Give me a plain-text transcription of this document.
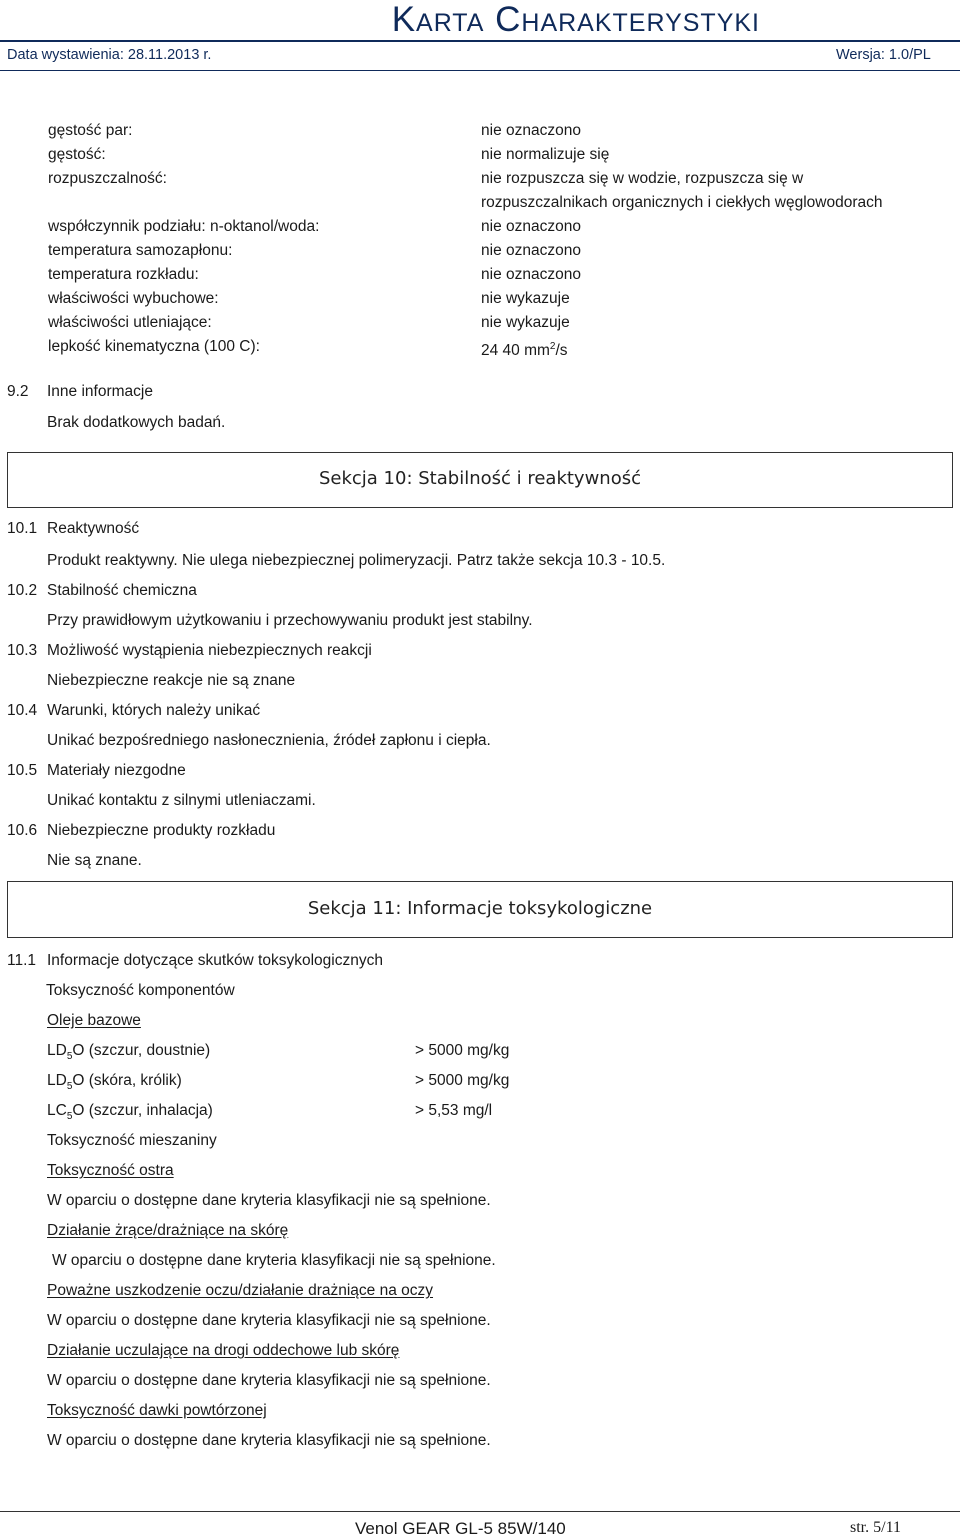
Karta Charakterystyki
Data wystawienia: 28.11.2013 r.	Wersja: 1.0/PL
gęstość par:	nie oznaczono
gęstość:	nie normalizuje się
rozpuszczalność:	nie rozpuszcza się w wodzie, rozpuszcza się w
rozpuszczalnikach organicznych i ciekłych węglowodorach
współczynnik podziału: n-oktanol/woda:	nie oznaczono
temperatura samozapłonu:	nie oznaczono
temperatura rozkładu:	nie oznaczono
właściwości wybuchowe:	nie wykazuje
właściwości utleniające:	nie wykazuje
lepkość kinematyczna (100 C):	24 40 $mm^2/s$
9.2 Inne informacje
Brak dodatkowych badań.
Sekcja 10: Stabilność i reaktywność
10.1 Reaktywność
Produkt reaktywny. Nie ulega niebezpiecznej polimeryzacji. Patrz także sekcja 10.3 - 10.5.
10.2 Stabilność chemiczna
Przy prawidłowym użytkowaniu i przechowywaniu produkt jest stabilny.
10.3 Możliwość wystąpienia niebezpiecznych reakcji
Niebezpieczne reakcje nie są znane
10.4 Warunki, których należy unikać
Unikać bezpośredniego nasłonecznienia, źródeł zapłonu i ciepła.
10.5 Materiały niezgodne
Unikać kontaktu z silnymi utleniaczami.
10.6 Niebezpieczne produkty rozkładu
Nie są znane.
Sekcja 11: Informacje toksykologiczne
11.1 Informacje dotyczące skutków toksykologicznych
Toksyczność komponentów
Oleje bazowe
$LD_5O$ (szczur, doustnie)	> 5000 mg/kg
$LD_5O$ (skóra, królik)	> 5000 mg/kg
$LC_5O$ (szczur, inhalacja)	> 5,53 mg/l
Toksyczność mieszaniny
Toksyczność ostra
W oparciu o dostępne dane kryteria klasyfikacji nie są spełnione.
Działanie żrące/drażniące na skórę
W oparciu o dostępne dane kryteria klasyfikacji nie są spełnione.
Poważne uszkodzenie oczu/działanie drażniące na oczy
W oparciu o dostępne dane kryteria klasyfikacji nie są spełnione.
Działanie uczulające na drogi oddechowe lub skórę
W oparciu o dostępne dane kryteria klasyfikacji nie są spełnione.
Toksyczność dawki powtórzonej
W oparciu o dostępne dane kryteria klasyfikacji nie są spełnione.
Venol GEAR GL-5 85W/140	str. 5/11
